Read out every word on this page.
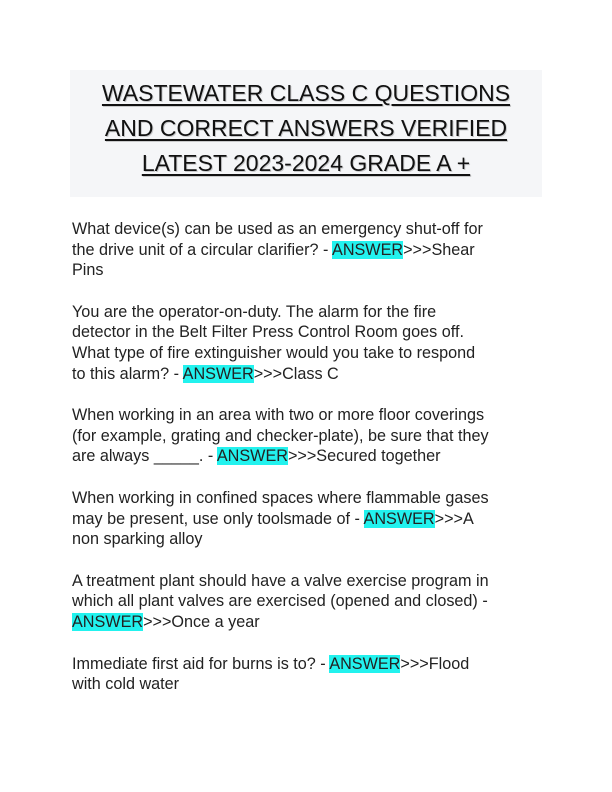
WASTEWATER CLASS C QUESTIONS
AND CORRECT ANSWERS VERIFIED
LATEST 2023-2024 GRADE A +
What device(s) can be used as an emergency shut-off for
the drive unit of a circular clarifier? - ANSWER>>>Shear
Pins
You are the operator-on-duty. The alarm for the fire
detector in the Belt Filter Press Control Room goes off.
What type of fire extinguisher would you take to respond
to this alarm? - ANSWER>>>Class C
When working in an area with two or more floor coverings
(for example, grating and checker-plate), be sure that they
are always _____. - ANSWER>>>Secured together
When working in confined spaces where flammable gases
may be present, use only toolsmade of - ANSWER>>>A
non sparking alloy
A treatment plant should have a valve exercise program in
which all plant valves are exercised (opened and closed) -
ANSWER>>>Once a year
Immediate first aid for burns is to? - ANSWER>>>Flood
with cold water
